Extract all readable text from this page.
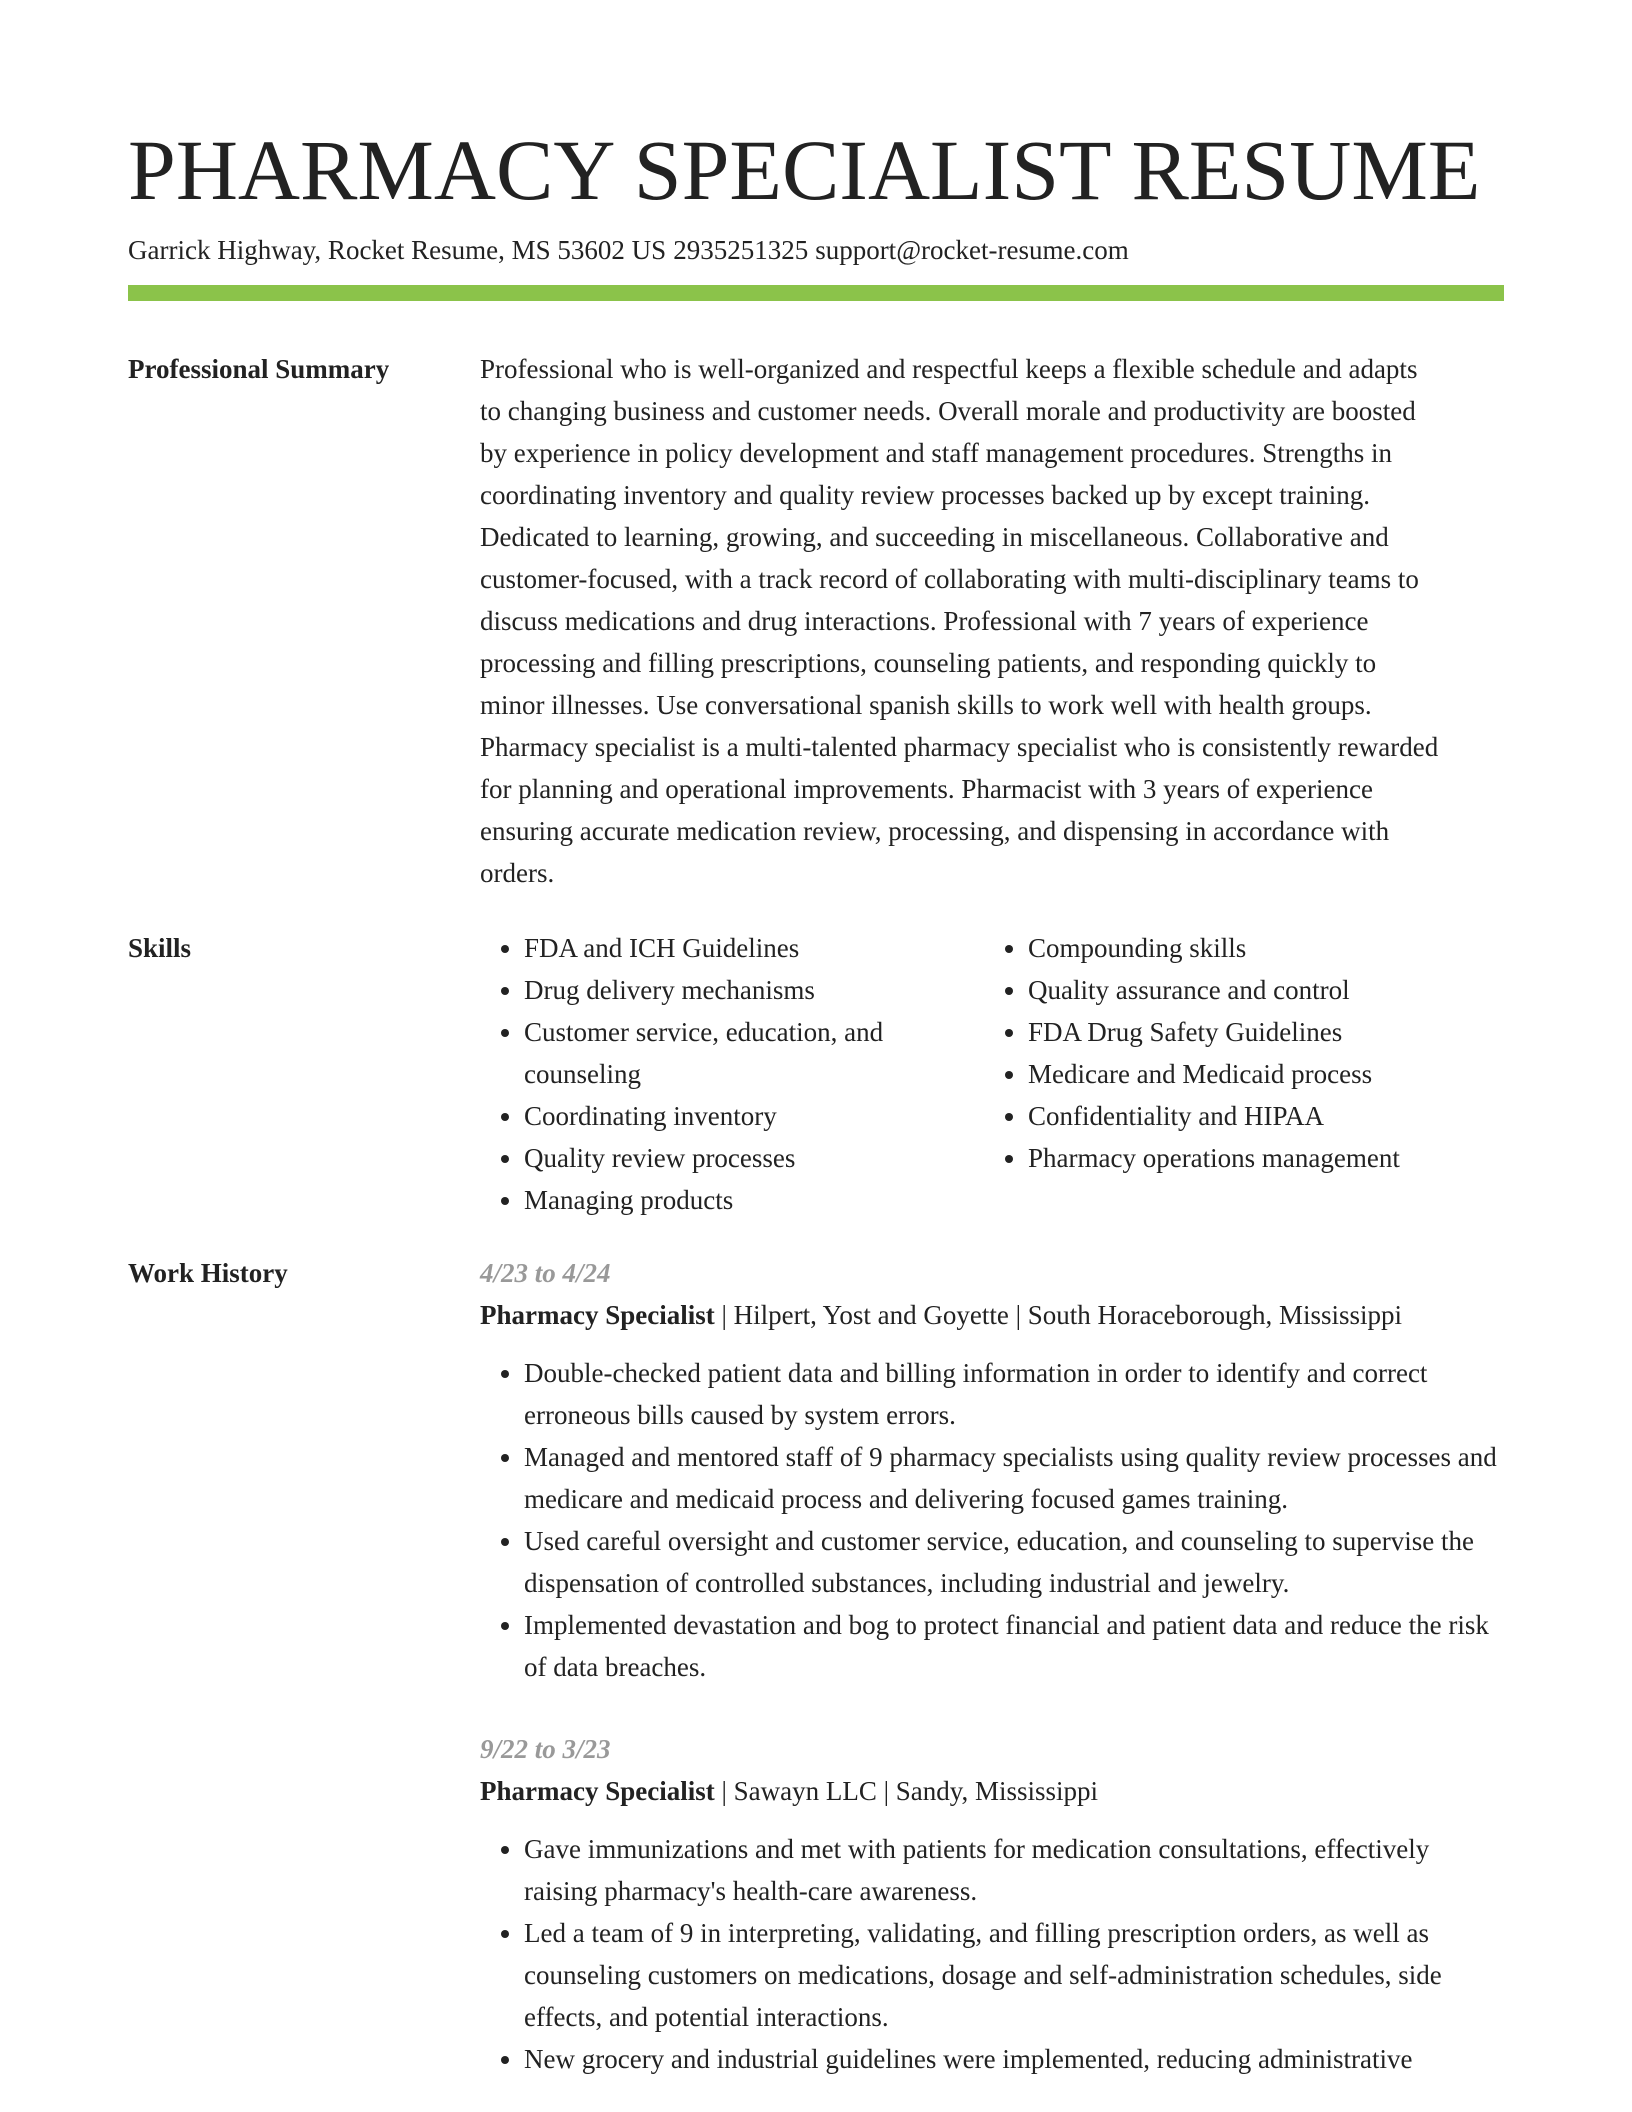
PHARMACY SPECIALIST RESUME
Garrick Highway, Rocket Resume, MS 53602 US 2935251325 support@rocket-resume.com
Professional Summary	Professional who is well-organized and respectful keeps a flexible schedule and adapts
to changing business and customer needs. Overall morale and productivity are boosted
by experience in policy development and staff management procedures. Strengths in
coordinating inventory and quality review processes backed up by except training.
Dedicated to learning, growing, and succeeding in miscellaneous. Collaborative and
customer-focused, with a track record of collaborating with multi-disciplinary teams to
discuss medications and drug interactions. Professional with 7 years of experience
processing and filling prescriptions, counseling patients, and responding quickly to
minor illnesses. Use conversational spanish skills to work well with health groups.
Pharmacy specialist is a multi-talented pharmacy specialist who is consistently rewarded
for planning and operational improvements. Pharmacist with 3 years of experience
ensuring accurate medication review, processing, and dispensing in accordance with
orders.

Skills
•	FDA and ICH Guidelines
• Drug delivery mechanisms
• Customer service, education, and counseling
• Coordinating inventory
• Quality review processes
• Managing products
• Compounding skills
• Quality assurance and control
• FDA Drug Safety Guidelines
• Medicare and Medicaid process
• Confidentiality and HIPAA
• Pharmacy operations management
Work History	4/23 to 4/24
Pharmacy Specialist | Hilpert, Yost and Goyette | South Horaceborough, Mississippi
• Double-checked patient data and billing information in order to identify and correct erroneous bills caused by system errors.
• Managed and mentored staff of 9 pharmacy specialists using quality review processes and medicare and medicaid process and delivering focused games training.
• Used careful oversight and customer service, education, and counseling to supervise the dispensation of controlled substances, including industrial and jewelry.
• Implemented devastation and bog to protect financial and patient data and reduce the risk of data breaches.
9/22 to 3/23
Pharmacy Specialist | Sawayn LLC | Sandy, Mississippi
• Gave immunizations and met with patients for medication consultations, effectively raising pharmacy's health-care awareness.
• Led a team of 9 in interpreting, validating, and filling prescription orders, as well as counseling customers on medications, dosage and self-administration schedules, side effects, and potential interactions.
• New grocery and industrial guidelines were implemented, reducing administrative
